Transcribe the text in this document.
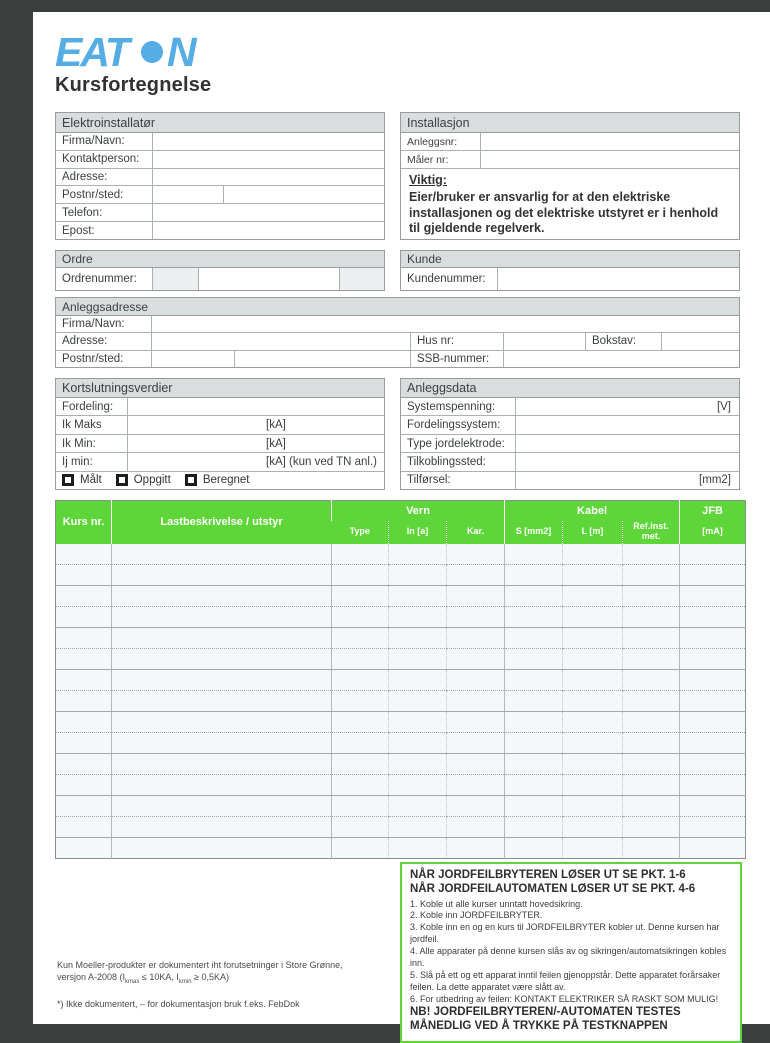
EAT N
Kursfortegnelse
Elektroinstallatør
Firma/Navn:
Kontaktperson:
Adresse:
Postnr/sted:
Telefon:
Epost:
Installasjon
Anleggsnr:
Måler nr:
Viktig:
Eier/bruker er ansvarlig for at den elektriske installasjonen og det elektriske utstyret er i henhold til gjeldende regelverk.
Ordre
Ordrenummer:
Kunde
Kundenummer:
Anleggsadresse
Firma/Navn:
Adresse:	Hus nr:	Bokstav:
Postnr/sted:	SSB-nummer:
Kortslutningsverdier
Fordeling:
Ik Maks	[kA]
Ik Min:	[kA]
Ij min:	[kA] (kun ved TN anl.)
Målt	Oppgitt	Beregnet
Anleggsdata
Systemspenning:	[V]
Fordelingssystem:
Type jordelektrode:
Tilkoblingssted:
Tilførsel:	[mm2]
Kurs nr.	Lastbeskrivelse / utstyr	Vern			Kabel			JFB
		Type	In [a]	Kar.	S [mm2]	L [m]	Ref.inst. met.	[mA]

Kun Moeller-produkter er dokumentert iht forutsetninger i Store Grønne,
versjon A-2008 ($I_{kmax} \le 10KA$, $I_{kmin} \ge 0,5KA$)
*) Ikke dokumentert, – for dokumentasjon bruk f.eks. FebDok
NÅR JORDFEILBRYTEREN LØSER UT SE PKT. 1-6
NÅR JORDFEILAUTOMATEN LØSER UT SE PKT. 4-6
1. Koble ut alle kurser unntatt hovedsikring.
2. Koble inn JORDFEILBRYTER.
3. Koble inn en og en kurs til JORDFEILBRYTER kobler ut. Denne kursen har jordfeil.
4. Alle apparater på denne kursen slås av og sikringen/automatsikringen kobles inn.
5. Slå på ett og ett apparat inntil feilen gjenoppstår. Dette apparatet forårsaker feilen. La dette apparatet være slått av.
6. For utbedring av feilen: KONTAKT ELEKTRIKER SÅ RASKT SOM MULIG!
NB! JORDFEILBRYTEREN/-AUTOMATEN TESTES MÅNEDLIG VED Å TRYKKE PÅ TESTKNAPPEN
